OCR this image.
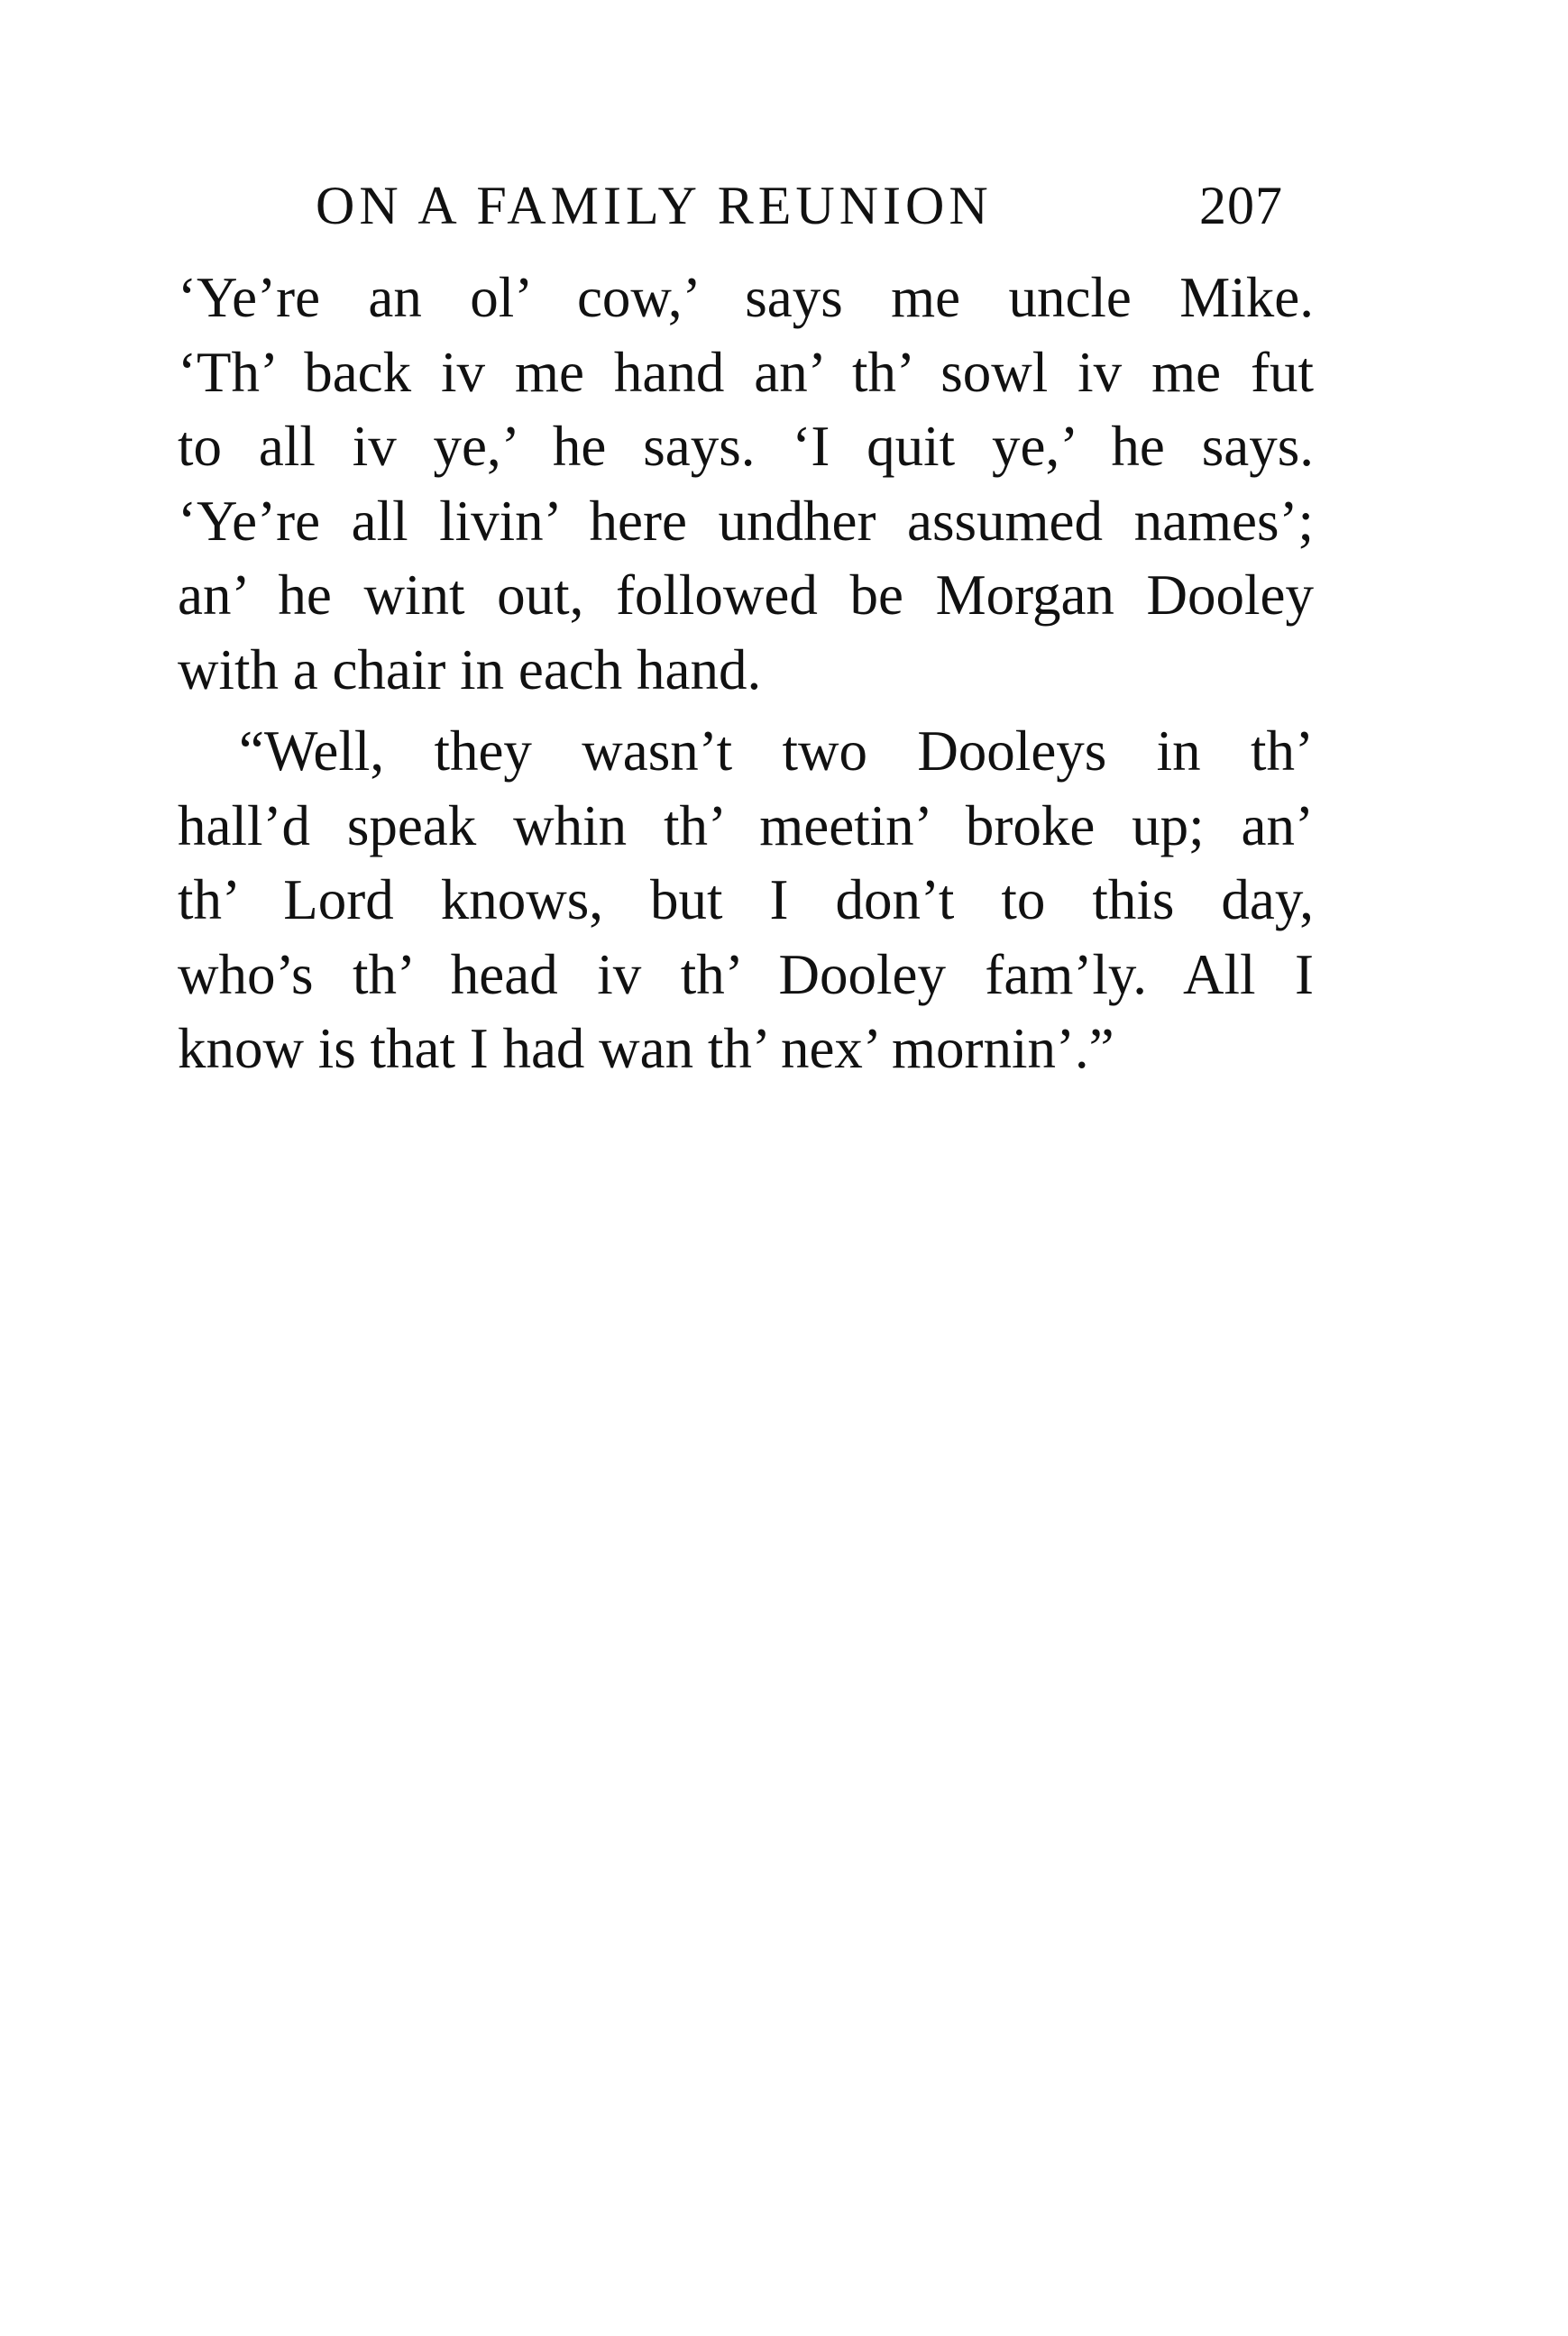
ON A FAMILY REUNION	207
‘Ye’re an ol’ cow,’ says me uncle Mike.
‘Th’ back iv me hand an’ th’ sowl iv me fut
to all iv ye,’ he says. ‘I quit ye,’ he says.
‘Ye’re all livin’ here undher assumed names’;
an’ he wint out, followed be Morgan Dooley
with a chair in each hand.
“Well, they wasn’t two Dooleys in th’
hall’d speak whin th’ meetin’ broke up; an’
th’ Lord knows, but I don’t to this day,
who’s th’ head iv th’ Dooley fam’ly. All I
know is that I had wan th’ nex’ mornin’.”
